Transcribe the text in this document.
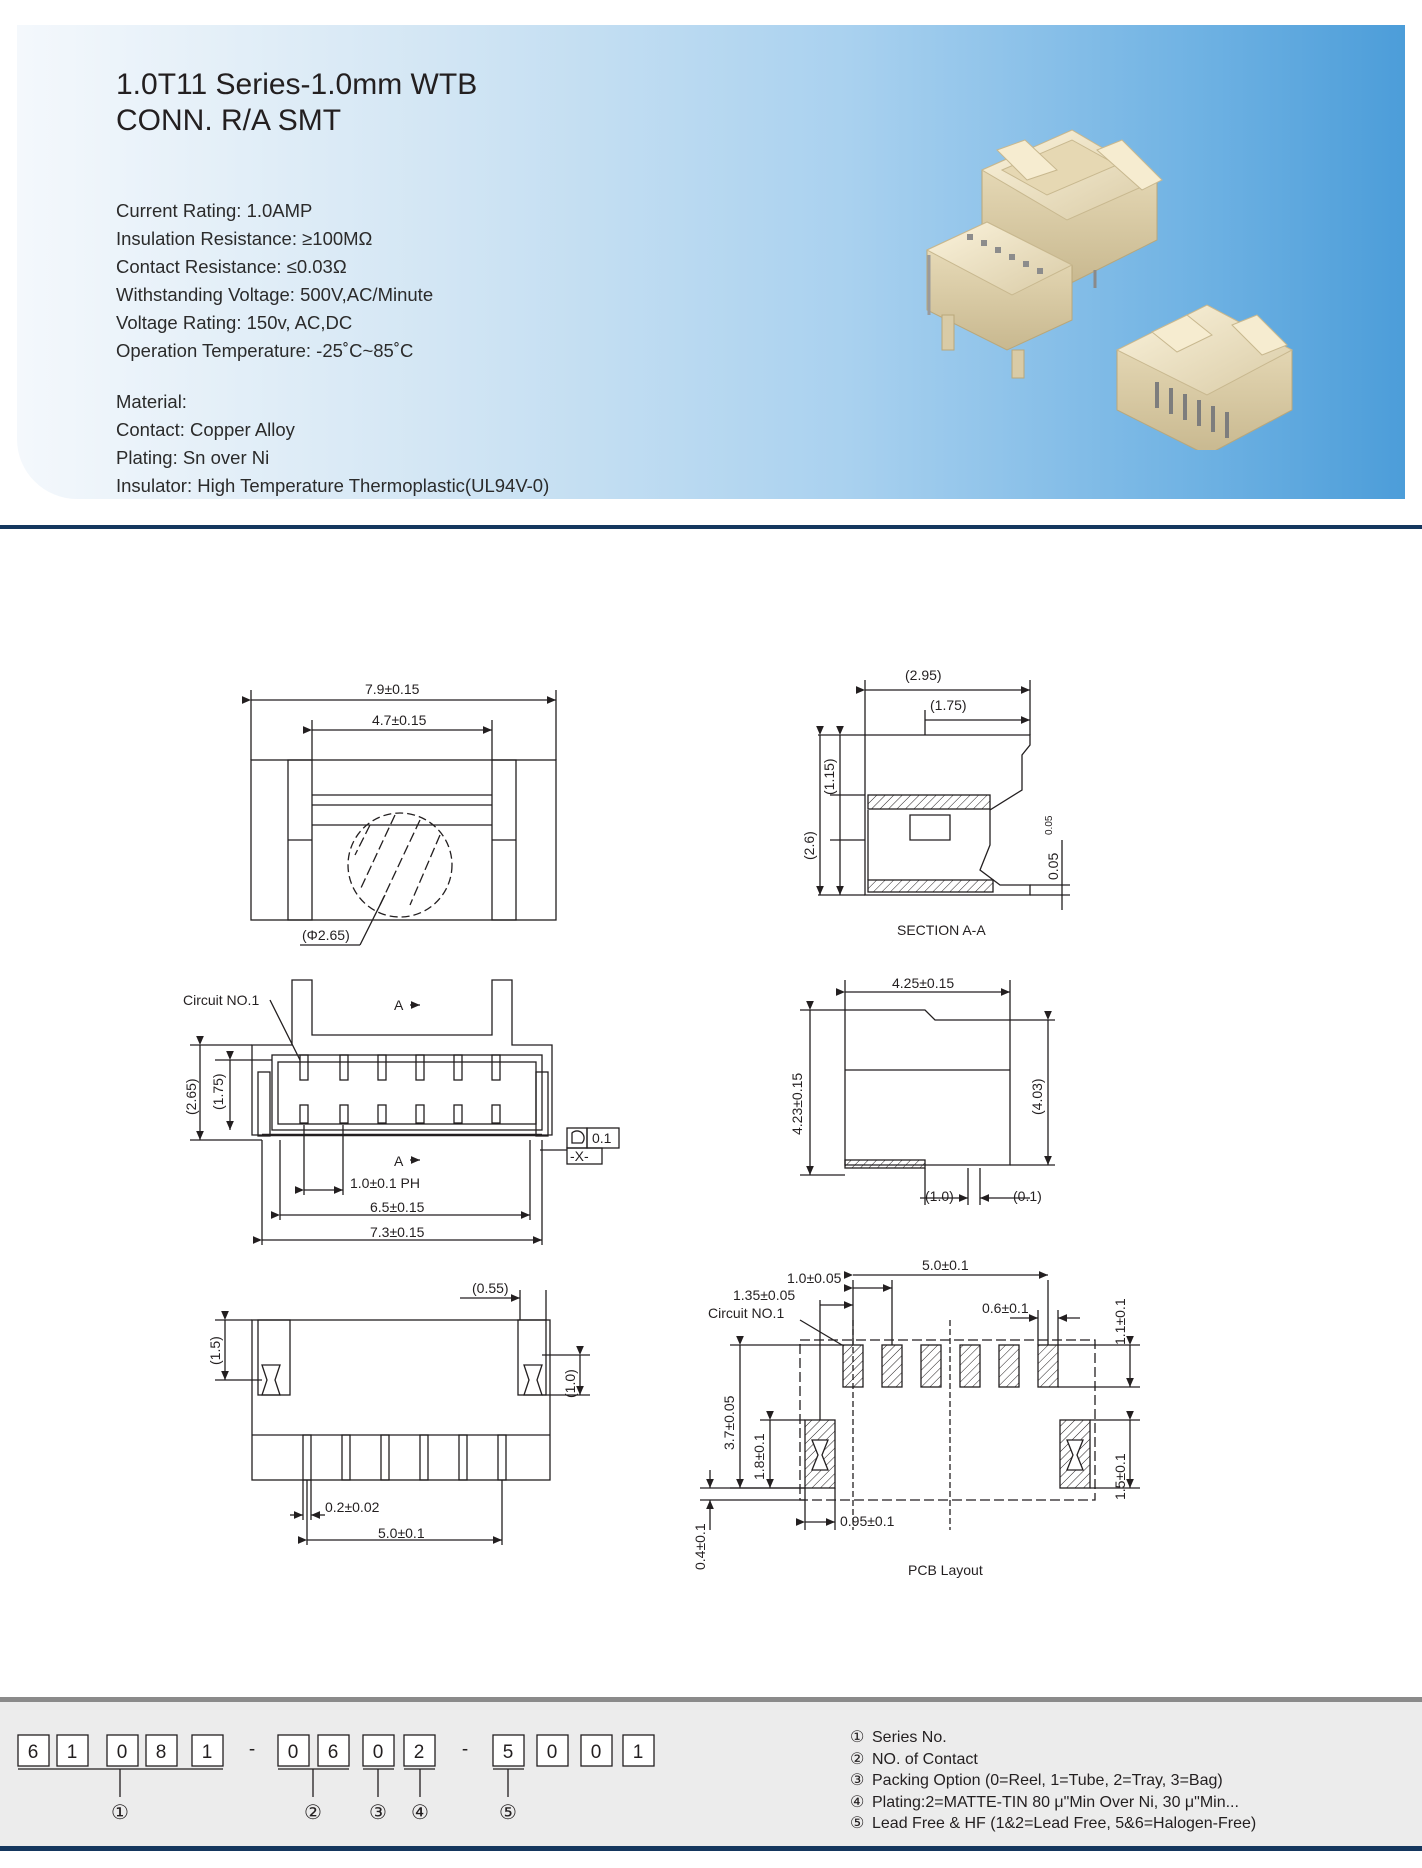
1.0T11 Series-1.0mm WTB
CONN. R/A SMT
Current Rating: 1.0AMP
Insulation Resistance: ≥100MΩ
Contact Resistance: ≤0.03Ω
Withstanding Voltage: 500V,AC/Minute
Voltage Rating: 150v, AC,DC
Operation Temperature: -25˚C~85˚C
Material:
Contact: Copper Alloy
Plating: Sn over Ni
Insulator: High Temperature Thermoplastic(UL94V-0)
7.9±0.15
4.7±0.15
(Φ2.65)
(2.95)
(1.75)
(1.15)
(2.6)
0.05
0.05
SECTION A-A
Circuit NO.1	A
A
(2.65) (1.75)
0.1
-X-
1.0±0.1 PH
6.5±0.15
7.3±0.15
4.25±0.15
4.23±0.15	(4.03)
(1.0)	(0.1)
(0.55)
(1.5)
(1.0)
0.2±0.02
5.0±0.1
1.0±0.05
5.0±0.1
1.35±0.05
0.6±0.1
Circuit NO.1	1.1±0.1
3.7±0.05
1.8±0.1	1.5±0.1
0.95±0.1
0.4±0.1	PCB Layout
6 1 0 8 1 - 0 6 0 2 - 5 0 0 1
①	② ③ ④	⑤
① Series No.
② NO. of Contact
③ Packing Option (0=Reel, 1=Tube, 2=Tray, 3=Bag)
④ Plating:2=MATTE-TIN 80 μ"Min Over Ni, 30 μ"Min...
⑤ Lead Free & HF (1&2=Lead Free, 5&6=Halogen-Free)
